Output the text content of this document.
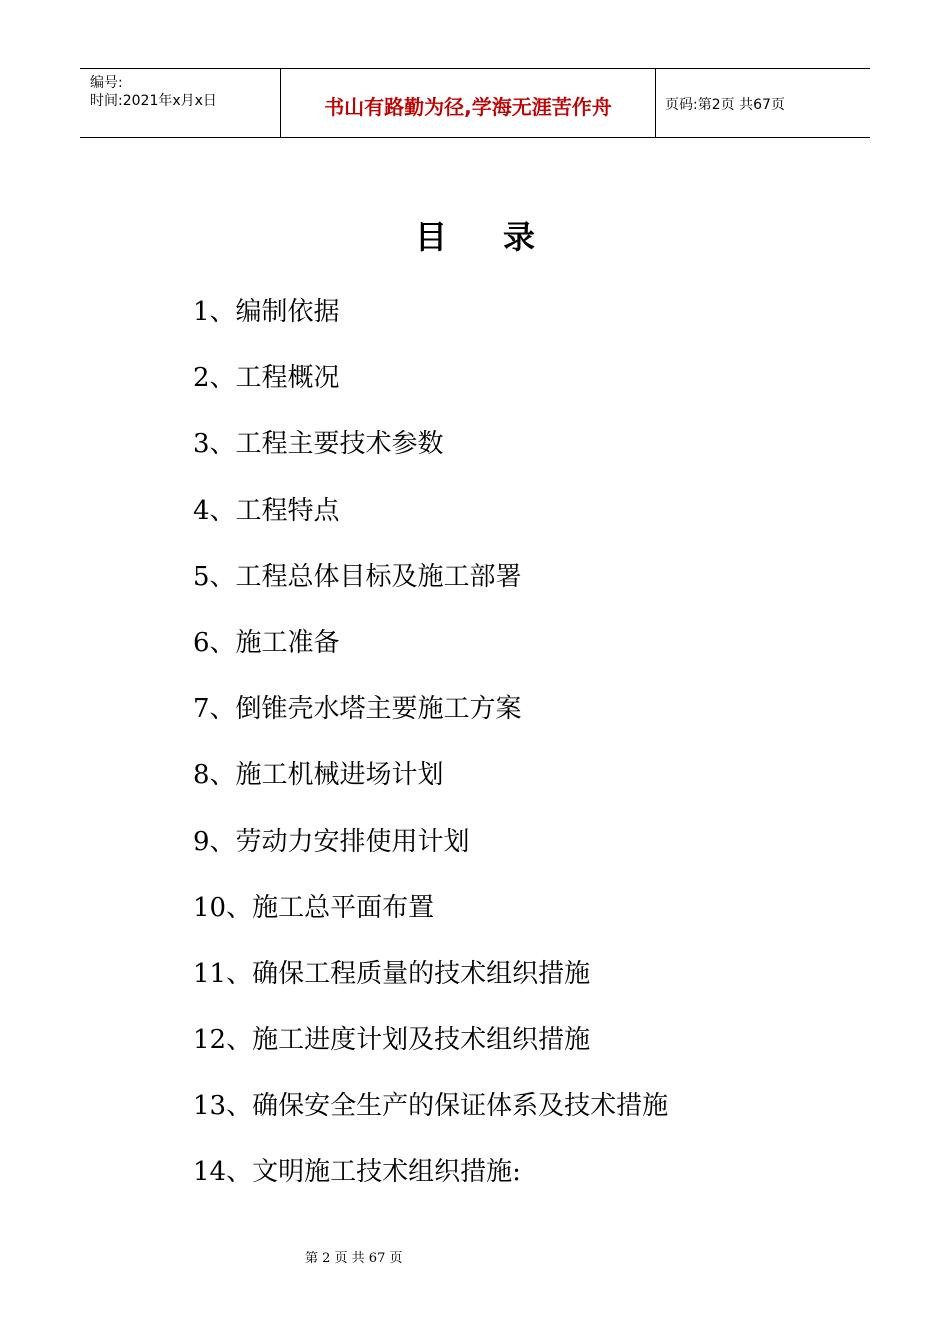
编号:
时间:2021年x月x日	书山有路勤为径,学海无涯苦作舟	页码:第2页 共67页
目录
1、编制依据
2、工程概况
3、工程主要技术参数
4、工程特点
5、工程总体目标及施工部署
6、施工准备
7、倒锥壳水塔主要施工方案
8、施工机械进场计划
9、劳动力安排使用计划
10、施工总平面布置
11、确保工程质量的技术组织措施
12、施工进度计划及技术组织措施
13、确保安全生产的保证体系及技术措施
14、文明施工技术组织措施:
第 2 页 共 67 页
